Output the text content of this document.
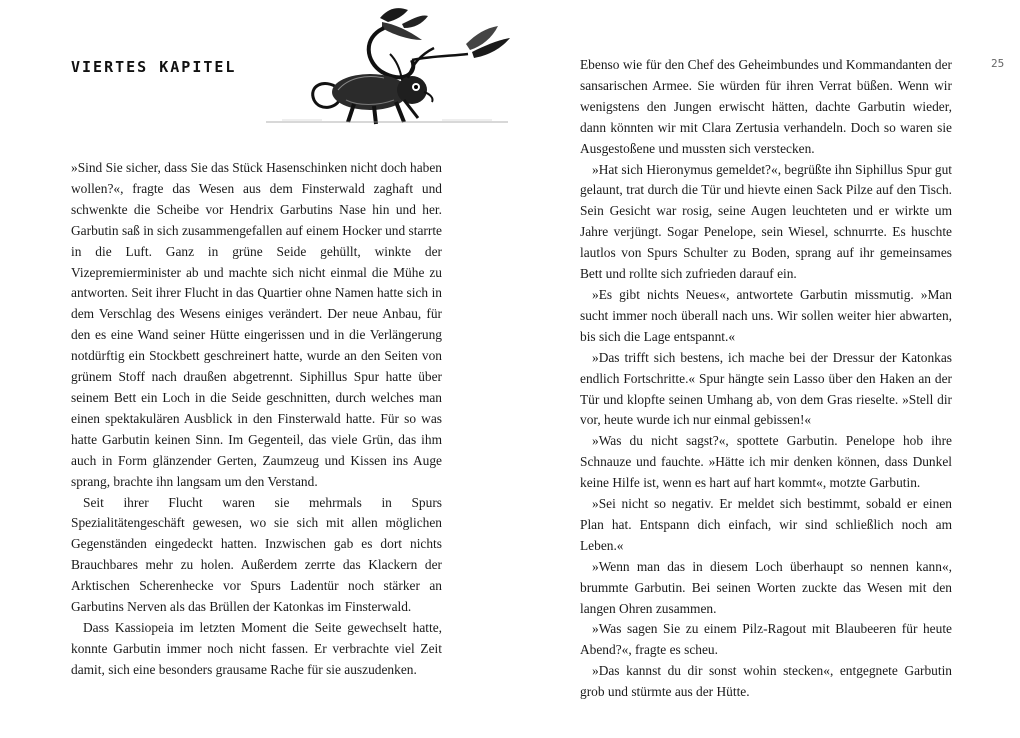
VIERTES KAPITEL

»Sind Sie sicher, dass Sie das Stück Hasenschinken nicht doch haben wollen?«, fragte das Wesen aus dem Finsterwald zaghaft und schwenkte die Scheibe vor Hendrix Garbutins Nase hin und her. Garbutin saß in sich zusammengefallen auf einem Hocker und starrte in die Luft. Ganz in grüne Seide gehüllt, winkte der Vizepremierminister ab und machte sich nicht einmal die Mühe zu antworten. Seit ihrer Flucht in das Quartier ohne Namen hatte sich in dem Verschlag des Wesens einiges verändert. Der neue Anbau, für den es eine Wand seiner Hütte eingerissen und in die Verlängerung notdürftig ein Stockbett geschreinert hatte, wurde an den Seiten von grünem Stoff nach draußen abgetrennt. Siphillus Spur hatte über seinem Bett ein Loch in die Seide geschnitten, durch welches man einen spektakulären Ausblick in den Finsterwald hatte. Für so was hatte Garbutin keinen Sinn. Im Gegenteil, das viele Grün, das ihm auch in Form glänzender Gerten, Zaumzeug und Kissen ins Auge sprang, brachte ihn langsam um den Verstand.

Seit ihrer Flucht waren sie mehrmals in Spurs Spezialitätengeschäft gewesen, wo sie sich mit allen möglichen Gegenständen eingedeckt hatten. Inzwischen gab es dort nichts Brauchbares mehr zu holen. Außerdem zerrte das Klackern der Arktischen Scherenhecke vor Spurs Ladentür noch stärker an Garbutins Nerven als das Brüllen der Katonkas im Finsterwald.

Dass Kassiopeia im letzten Moment die Seite gewechselt hatte, konnte Garbutin immer noch nicht fassen. Er verbrachte viel Zeit damit, sich eine besonders grausame Rache für sie auszudenken.

25

Ebenso wie für den Chef des Geheimbundes und Kommandanten der sansarischen Armee. Sie würden für ihren Verrat büßen. Wenn wir wenigstens den Jungen erwischt hätten, dachte Garbutin wieder, dann könnten wir mit Clara Zertusia verhandeln. Doch so waren sie Ausgestoßene und mussten sich verstecken.

»Hat sich Hieronymus gemeldet?«, begrüßte ihn Siphillus Spur gut gelaunt, trat durch die Tür und hievte einen Sack Pilze auf den Tisch. Sein Gesicht war rosig, seine Augen leuchteten und er wirkte um Jahre verjüngt. Sogar Penelope, sein Wiesel, schnurrte. Es huschte lautlos von Spurs Schulter zu Boden, sprang auf ihr gemeinsames Bett und rollte sich zufrieden darauf ein.

»Es gibt nichts Neues«, antwortete Garbutin missmutig. »Man sucht immer noch überall nach uns. Wir sollen weiter hier abwarten, bis sich die Lage entspannt.«

»Das trifft sich bestens, ich mache bei der Dressur der Katonkas endlich Fortschritte.« Spur hängte sein Lasso über den Haken an der Tür und klopfte seinen Umhang ab, von dem Gras rieselte. »Stell dir vor, heute wurde ich nur einmal gebissen!«

»Was du nicht sagst?«, spottete Garbutin. Penelope hob ihre Schnauze und fauchte. »Hätte ich mir denken können, dass Dunkel keine Hilfe ist, wenn es hart auf hart kommt«, motzte Garbutin.

»Sei nicht so negativ. Er meldet sich bestimmt, sobald er einen Plan hat. Entspann dich einfach, wir sind schließlich noch am Leben.«

»Wenn man das in diesem Loch überhaupt so nennen kann«, brummte Garbutin. Bei seinen Worten zuckte das Wesen mit den langen Ohren zusammen.

»Was sagen Sie zu einem Pilz-Ragout mit Blaubeeren für heute Abend?«, fragte es scheu.

»Das kannst du dir sonst wohin stecken«, entgegnete Garbutin grob und stürmte aus der Hütte.
